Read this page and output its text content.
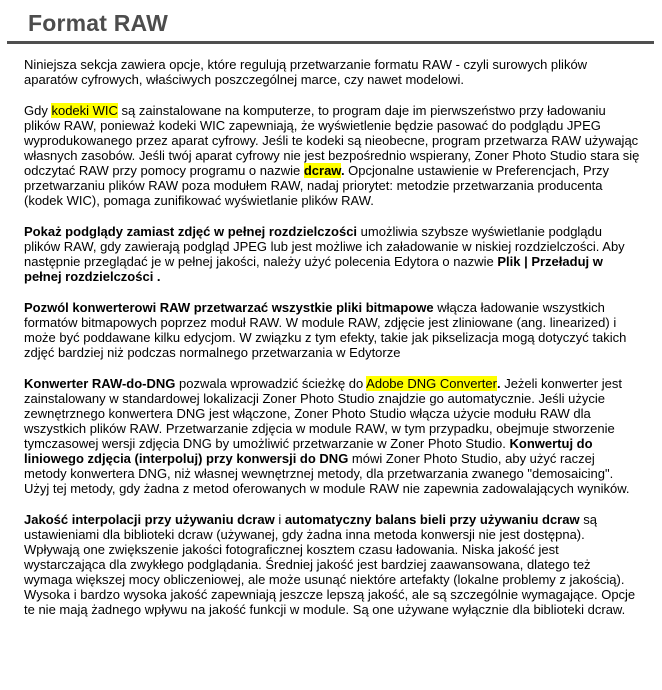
Format RAW

Niniejsza sekcja zawiera opcje, które regulują przetwarzanie formatu RAW - czyli surowych plików aparatów cyfrowych, właściwych poszczególnej marce, czy nawet modelowi.

Gdy kodeki WIC są zainstalowane na komputerze, to program daje im pierwszeństwo przy ładowaniu plików RAW, ponieważ kodeki WIC zapewniają, że wyświetlenie będzie pasować do podglądu JPEG wyprodukowanego przez aparat cyfrowy. Jeśli te kodeki są nieobecne, program przetwarza RAW używając własnych zasobów. Jeśli twój aparat cyfrowy nie jest bezpośrednio wspierany, Zoner Photo Studio stara się odczytać RAW przy pomocy programu o nazwie dcraw. Opcjonalne ustawienie w Preferencjach, Przy przetwarzaniu plików RAW poza modułem RAW, nadaj priorytet: metodzie przetwarzania producenta (kodek WIC), pomaga zunifikować wyświetlanie plików RAW.

Pokaż podglądy zamiast zdjęć w pełnej rozdzielczości umożliwia szybsze wyświetlanie podglądu plików RAW, gdy zawierają podgląd JPEG lub jest możliwe ich załadowanie w niskiej rozdzielczości. Aby następnie przeglądać je w pełnej jakości, należy użyć polecenia Edytora o nazwie Plik | Przeładuj w pełnej rozdzielczości .

Pozwól konwerterowi RAW przetwarzać wszystkie pliki bitmapowe włącza ładowanie wszystkich formatów bitmapowych poprzez moduł RAW. W module RAW, zdjęcie jest zliniowane (ang. linearized) i może być poddawane kilku edycjom. W związku z tym efekty, takie jak pikselizacja mogą dotyczyć takich zdjęć bardziej niż podczas normalnego przetwarzania w Edytorze

Konwerter RAW-do-DNG pozwala wprowadzić ścieżkę do Adobe DNG Converter. Jeżeli konwerter jest zainstalowany w standardowej lokalizacji Zoner Photo Studio znajdzie go automatycznie. Jeśli użycie zewnętrznego konwertera DNG jest włączone, Zoner Photo Studio włącza użycie modułu RAW dla wszystkich plików RAW. Przetwarzanie zdjęcia w module RAW, w tym przypadku, obejmuje stworzenie tymczasowej wersji zdjęcia DNG by umożliwić przetwarzanie w Zoner Photo Studio. Konwertuj do liniowego zdjęcia (interpoluj) przy konwersji do DNG mówi Zoner Photo Studio, aby użyć raczej metody konwertera DNG, niż własnej wewnętrznej metody, dla przetwarzania zwanego "demosaicing". Użyj tej metody, gdy żadna z metod oferowanych w module RAW nie zapewnia zadowalających wyników.

Jakość interpolacji przy używaniu dcraw i automatyczny balans bieli przy używaniu dcraw są ustawieniami dla biblioteki dcraw (używanej, gdy żadna inna metoda konwersji nie jest dostępna). Wpływają one zwiększenie jakości fotograficznej kosztem czasu ładowania. Niska jakość jest wystarczająca dla zwykłego podglądania. Średniej jakość jest bardziej zaawansowana, dlatego też wymaga większej mocy obliczeniowej, ale może usunąć niektóre artefakty (lokalne problemy z jakością). Wysoka i bardzo wysoka jakość zapewniają jeszcze lepszą jakość, ale są szczególnie wymagające. Opcje te nie mają żadnego wpływu na jakość funkcji w module. Są one używane wyłącznie dla biblioteki dcraw.
